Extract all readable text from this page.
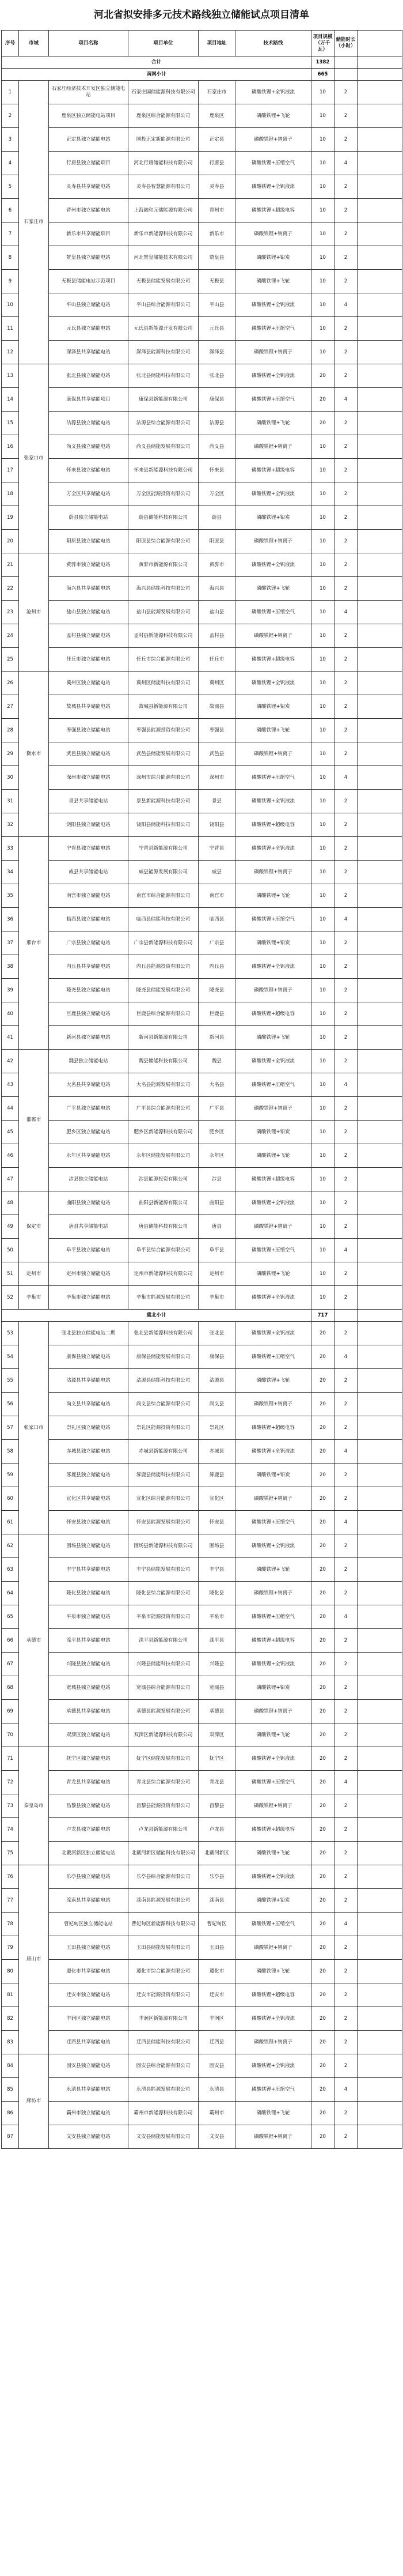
河北省拟安排多元技术路线独立储能试点项目清单
序号	市域	项目名称	项目单位	项目地址	技术路线	项目规模（万千瓦）	储能时长（小时）	
合计						1382		
南网小计						665		
1	石家庄市	石家庄经济技术开发区独立储能电站	石家庄国储能源科技有限公司	石家庄市	磷酸铁锂+全钒液流	10	2	
2		鹿泉区独立储能电站项目	鹿泉区综合能源有限公司	鹿泉区	磷酸铁锂+飞轮	10	2	
3		正定县独立储能电站	国投正定新能源有限公司	正定县	磷酸铁锂+钠离子	10	2	
4		行唐县独立储能项目	河北行唐储能科技有限公司	行唐县	磷酸铁锂+压缩空气	10	4	
5		灵寿县共享储能电站	灵寿县智慧能源有限公司	灵寿县	磷酸铁锂+全钒液流	10	2	
6		晋州市独立储能电站	上海融和元储能源有限公司	晋州市	磷酸铁锂+超级电容	10	2	
7		新乐市共享储能项目	新乐市新能源科技有限公司	新乐市	磷酸铁锂+钠离子	10	2	
8		赞皇县独立储能电站	河北赞皇储能技术有限公司	赞皇县	磷酸铁锂+铅炭	10	2	
9		无极县储能电站示范项目	无极县储能发展有限公司	无极县	磷酸铁锂+飞轮	10	2	
10		平山县独立储能电站	平山县综合能源有限公司	平山县	磷酸铁锂+全钒液流	10	4	
11		元氏县独立储能电站	元氏县新能源开发有限公司	元氏县	磷酸铁锂+压缩空气	10	2	
12		深泽县共享储能电站	深泽县能源科技有限公司	深泽县	磷酸铁锂+钠离子	10	2	
13	张家口市	张北县独立储能电站	张北县储能科技有限公司	张北县	磷酸铁锂+全钒液流	20	2	
14		康保县共享储能项目	康保县新能源有限公司	康保县	磷酸铁锂+压缩空气	20	4	
15		沽源县独立储能电站	沽源县综合能源有限公司	沽源县	磷酸铁锂+飞轮	20	2	
16		尚义县独立储能电站	尚义县储能发展有限公司	尚义县	磷酸铁锂+钠离子	10	2	
17		怀来县独立储能电站	怀来县新能源科技有限公司	怀来县	磷酸铁锂+超级电容	10	2	
18		万全区共享储能电站	万全区能源投资有限公司	万全区	磷酸铁锂+全钒液流	10	2	
19		蔚县独立储能电站	蔚县储能科技有限公司	蔚县	磷酸铁锂+铅炭	10	2	
20		阳原县独立储能电站	阳原县综合能源有限公司	阳原县	磷酸铁锂+钠离子	10	2	
21	沧州市	黄骅市独立储能电站	黄骅市新能源有限公司	黄骅市	磷酸铁锂+全钒液流	10	2	
22		海兴县共享储能电站	海兴县储能科技有限公司	海兴县	磷酸铁锂+飞轮	10	2	
23		盐山县独立储能电站	盐山县能源发展有限公司	盐山县	磷酸铁锂+压缩空气	10	4	
24		孟村县独立储能电站	孟村县新能源科技有限公司	孟村县	磷酸铁锂+钠离子	10	2	
25		任丘市独立储能电站	任丘市综合能源有限公司	任丘市	磷酸铁锂+超级电容	10	2	
26	衡水市	冀州区独立储能电站	冀州区储能科技有限公司	冀州区	磷酸铁锂+全钒液流	10	2	
27		故城县共享储能电站	故城县新能源有限公司	故城县	磷酸铁锂+铅炭	10	2	
28		枣强县独立储能电站	枣强县能源投资有限公司	枣强县	磷酸铁锂+飞轮	10	2	
29		武邑县独立储能电站	武邑县储能发展有限公司	武邑县	磷酸铁锂+钠离子	10	2	
30		深州市独立储能电站	深州市综合能源有限公司	深州市	磷酸铁锂+压缩空气	10	4	
31		景县共享储能电站	景县新能源科技有限公司	景县	磷酸铁锂+全钒液流	10	2	
32		饶阳县独立储能电站	饶阳县储能科技有限公司	饶阳县	磷酸铁锂+超级电容	10	2	
33	邢台市	宁晋县独立储能电站	宁晋县新能源有限公司	宁晋县	磷酸铁锂+全钒液流	10	2	
34		威县共享储能电站	威县能源发展有限公司	威县	磷酸铁锂+钠离子	10	2	
35		南宫市独立储能电站	南宫市综合能源有限公司	南宫市	磷酸铁锂+飞轮	10	2	
36		临西县独立储能电站	临西县储能科技有限公司	临西县	磷酸铁锂+压缩空气	10	4	
37		广宗县独立储能电站	广宗县新能源科技有限公司	广宗县	磷酸铁锂+铅炭	10	2	
38		内丘县共享储能电站	内丘县能源投资有限公司	内丘县	磷酸铁锂+全钒液流	10	2	
39		隆尧县独立储能电站	隆尧县储能发展有限公司	隆尧县	磷酸铁锂+钠离子	10	2	
40		巨鹿县独立储能电站	巨鹿县综合能源有限公司	巨鹿县	磷酸铁锂+超级电容	10	2	
41		新河县独立储能电站	新河县新能源有限公司	新河县	磷酸铁锂+飞轮	10	2	
42	邯郸市	魏县独立储能电站	魏县储能科技有限公司	魏县	磷酸铁锂+全钒液流	10	2	
43		大名县共享储能电站	大名县能源发展有限公司	大名县	磷酸铁锂+压缩空气	10	4	
44		广平县独立储能电站	广平县综合能源有限公司	广平县	磷酸铁锂+钠离子	10	2	
45		肥乡区独立储能电站	肥乡区新能源科技有限公司	肥乡区	磷酸铁锂+铅炭	10	2	
46		永年区共享储能电站	永年区储能发展有限公司	永年区	磷酸铁锂+飞轮	10	2	
47		涉县独立储能电站	涉县能源投资有限公司	涉县	磷酸铁锂+超级电容	10	2	
48	保定市	曲阳县独立储能电站	曲阳县新能源有限公司	曲阳县	磷酸铁锂+全钒液流	10	2	
49		唐县共享储能电站	唐县储能科技有限公司	唐县	磷酸铁锂+钠离子	10	2	
50		阜平县独立储能电站	阜平县综合能源有限公司	阜平县	磷酸铁锂+压缩空气	10	4	
51	定州市	定州市独立储能电站	定州市新能源科技有限公司	定州市	磷酸铁锂+飞轮	10	2	
52	辛集市	辛集市独立储能电站	辛集市能源发展有限公司	辛集市	磷酸铁锂+全钒液流	10	2	
冀北小计						717		
53	张家口市	张北县独立储能电站二期	张北县新能源科技有限公司	张北县	磷酸铁锂+全钒液流	20	2	
54		康保县独立储能电站	康保县储能发展有限公司	康保县	磷酸铁锂+压缩空气	20	4	
55		沽源县共享储能电站	沽源县储能科技有限公司	沽源县	磷酸铁锂+飞轮	20	2	
56		尚义县共享储能电站	尚义县综合能源有限公司	尚义县	磷酸铁锂+钠离子	20	2	
57		崇礼区独立储能电站	崇礼区能源投资有限公司	崇礼区	磷酸铁锂+超级电容	20	2	
58		赤城县独立储能电站	赤城县新能源有限公司	赤城县	磷酸铁锂+全钒液流	20	4	
59		涿鹿县独立储能电站	涿鹿县储能科技有限公司	涿鹿县	磷酸铁锂+铅炭	20	2	
60		宣化区共享储能电站	宣化区综合能源有限公司	宣化区	磷酸铁锂+钠离子	20	2	
61		怀安县独立储能电站	怀安县能源发展有限公司	怀安县	磷酸铁锂+压缩空气	20	4	
62	承德市	围场县独立储能电站	围场县新能源科技有限公司	围场县	磷酸铁锂+全钒液流	20	2	
63		丰宁县共享储能电站	丰宁县储能发展有限公司	丰宁县	磷酸铁锂+飞轮	20	2	
64		隆化县独立储能电站	隆化县综合能源有限公司	隆化县	磷酸铁锂+钠离子	20	2	
65		平泉市独立储能电站	平泉市能源投资有限公司	平泉市	磷酸铁锂+压缩空气	20	4	
66		滦平县共享储能电站	滦平县新能源有限公司	滦平县	磷酸铁锂+超级电容	20	2	
67		兴隆县独立储能电站	兴隆县储能科技有限公司	兴隆县	磷酸铁锂+全钒液流	20	2	
68		宽城县独立储能电站	宽城县综合能源有限公司	宽城县	磷酸铁锂+铅炭	20	2	
69		承德县共享储能电站	承德县能源发展有限公司	承德县	磷酸铁锂+钠离子	20	2	
70		双滦区独立储能电站	双滦区新能源科技有限公司	双滦区	磷酸铁锂+飞轮	20	2	
71	秦皇岛市	抚宁区独立储能电站	抚宁区储能发展有限公司	抚宁区	磷酸铁锂+全钒液流	20	2	
72		青龙县共享储能电站	青龙县综合能源有限公司	青龙县	磷酸铁锂+压缩空气	20	4	
73		昌黎县独立储能电站	昌黎县能源投资有限公司	昌黎县	磷酸铁锂+钠离子	20	2	
74		卢龙县独立储能电站	卢龙县新能源有限公司	卢龙县	磷酸铁锂+超级电容	20	2	
75		北戴河新区独立储能电站	北戴河新区储能科技有限公司	北戴河新区	磷酸铁锂+飞轮	20	2	
76	唐山市	乐亭县独立储能电站	乐亭县综合能源有限公司	乐亭县	磷酸铁锂+全钒液流	20	2	
77		滦南县共享储能电站	滦南县能源发展有限公司	滦南县	磷酸铁锂+铅炭	20	2	
78		曹妃甸区独立储能电站	曹妃甸区新能源科技有限公司	曹妃甸区	磷酸铁锂+压缩空气	20	4	
79		玉田县独立储能电站	玉田县储能发展有限公司	玉田县	磷酸铁锂+钠离子	20	2	
80		遵化市共享储能电站	遵化市综合能源有限公司	遵化市	磷酸铁锂+飞轮	20	2	
81		迁安市独立储能电站	迁安市能源投资有限公司	迁安市	磷酸铁锂+超级电容	20	2	
82		丰润区独立储能电站	丰润区新能源有限公司	丰润区	磷酸铁锂+全钒液流	20	2	
83		迁西县共享储能电站	迁西县储能科技有限公司	迁西县	磷酸铁锂+钠离子	20	2	
84	廊坊市	固安县独立储能电站	固安县综合能源有限公司	固安县	磷酸铁锂+全钒液流	20	2	
85		永清县共享储能电站	永清县能源发展有限公司	永清县	磷酸铁锂+压缩空气	20	4	
86		霸州市独立储能电站	霸州市新能源科技有限公司	霸州市	磷酸铁锂+飞轮	20	2	
87		文安县独立储能电站	文安县储能发展有限公司	文安县	磷酸铁锂+钠离子	20	2	
